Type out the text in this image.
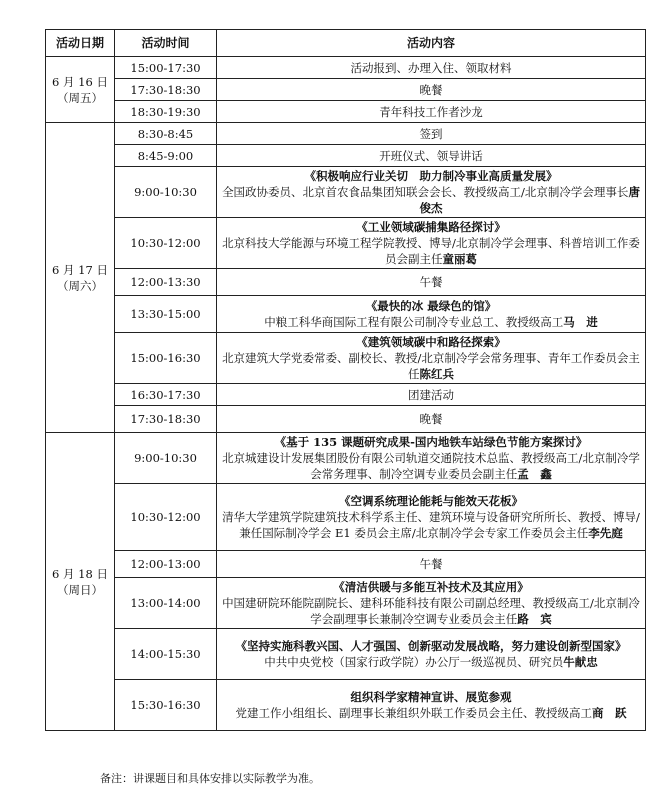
活动日期	活动时间	活动内容
6 月 16 日
（周五）	15:00-17:30	活动报到、办理入住、领取材料
	17:30-18:30	晚餐
	18:30-19:30	青年科技工作者沙龙
6 月 17 日
（周六）	8:30-8:45	签到
	8:45-9:00	开班仪式、领导讲话
	9:00-10:30	《积极响应行业关切　助力制冷事业高质量发展》
全国政协委员、北京首农食品集团知联会会长、教授级高工/北京制冷学会理事长唐俊杰

	10:30-12:00	《工业领域碳捕集路径探讨》
北京科技大学能源与环境工程学院教授、博导/北京制冷学会理事、科普培训工作委员会副主任童丽葛

	12:00-13:30	午餐
	13:30-15:00	《最快的冰 最绿色的馆》
中粮工科华商国际工程有限公司制冷专业总工、教授级高工马　进

	15:00-16:30	《建筑领域碳中和路径探索》
北京建筑大学党委常委、副校长、教授/北京制冷学会常务理事、青年工作委员会主任陈红兵

	16:30-17:30	团建活动
	17:30-18:30	晚餐
6 月 18 日
（周日）	9:00-10:30	《基于 135 课题研究成果-国内地铁车站绿色节能方案探讨》
北京城建设计发展集团股份有限公司轨道交通院技术总监、教授级高工/北京制冷学会常务理事、制冷空调专业委员会副主任孟　鑫

	10:30-12:00	《空调系统理论能耗与能效天花板》
清华大学建筑学院建筑技术科学系主任、建筑环境与设备研究所所长、教授、博导/兼任国际制冷学会 E1 委员会主席/北京制冷学会专家工作委员会主任李先庭

	12:00-13:00	午餐
	13:00-14:00	《清洁供暖与多能互补技术及其应用》
中国建研院环能院副院长、建科环能科技有限公司副总经理、教授级高工/北京制冷学会副理事长兼制冷空调专业委员会主任路　宾

	14:00-15:30	《坚持实施科教兴国、人才强国、创新驱动发展战略，努力建设创新型国家》
中共中央党校（国家行政学院）办公厅一级巡视员、研究员牛献忠

	15:30-16:30	组织科学家精神宣讲、展览参观
党建工作小组组长、副理事长兼组织外联工作委员会主任、教授级高工商　跃

备注：讲课题目和具体安排以实际教学为准。
